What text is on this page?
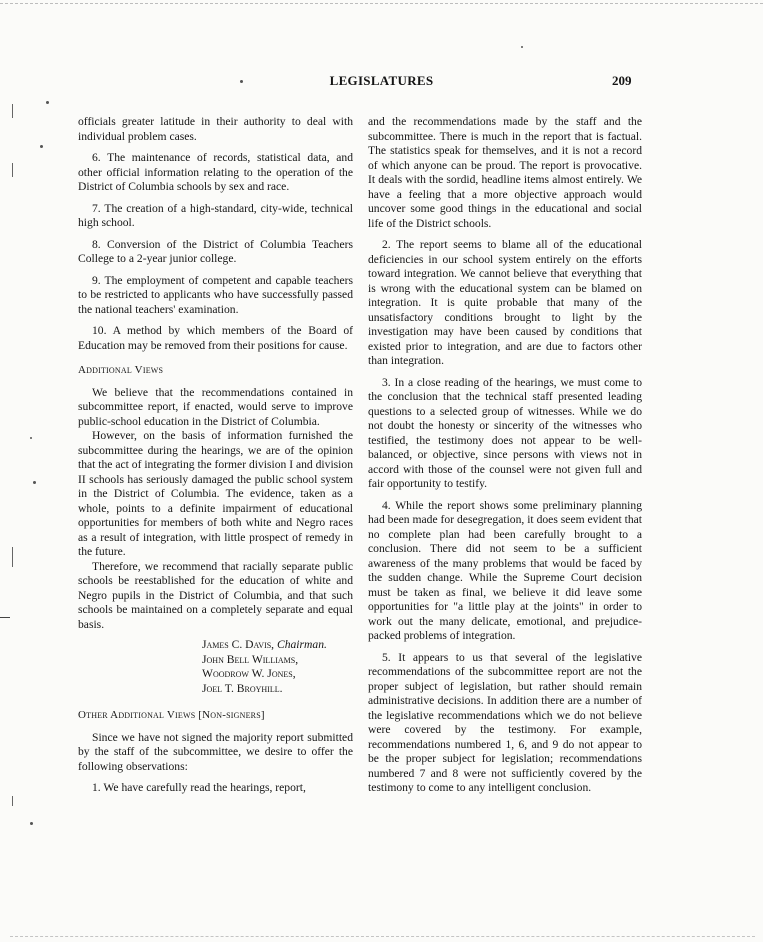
LEGISLATURES	209

officials greater latitude in their authority to deal with individual problem cases.

6. The maintenance of records, statistical data, and other official information relating to the operation of the District of Columbia schools by sex and race.

7. The creation of a high-standard, city-wide, technical high school.

8. Conversion of the District of Columbia Teachers College to a 2-year junior college.

9. The employment of competent and capable teachers to be restricted to applicants who have successfully passed the national teachers' examination.

10. A method by which members of the Board of Education may be removed from their positions for cause.

Additional Views

We believe that the recommendations contained in subcommittee report, if enacted, would serve to improve public-school education in the District of Columbia.

However, on the basis of information furnished the subcommittee during the hearings, we are of the opinion that the act of integrating the former division I and division II schools has seriously damaged the public school system in the District of Columbia. The evidence, taken as a whole, points to a definite impairment of educational opportunities for members of both white and Negro races as a result of integration, with little prospect of remedy in the future.

Therefore, we recommend that racially separate public schools be reestablished for the education of white and Negro pupils in the District of Columbia, and that such schools be maintained on a completely separate and equal basis.

James C. Davis, Chairman.
John Bell Williams,
Woodrow W. Jones,
Joel T. Broyhill.
Other Additional Views [Non-signers]

Since we have not signed the majority report submitted by the staff of the subcommittee, we desire to offer the following observations:

1. We have carefully read the hearings, report,

and the recommendations made by the staff and the subcommittee. There is much in the report that is factual. The statistics speak for themselves, and it is not a record of which anyone can be proud. The report is provocative. It deals with the sordid, headline items almost entirely. We have a feeling that a more objective approach would uncover some good things in the educational and social life of the District schools.

2. The report seems to blame all of the educational deficiencies in our school system entirely on the efforts toward integration. We cannot believe that everything that is wrong with the educational system can be blamed on integration. It is quite probable that many of the unsatisfactory conditions brought to light by the investigation may have been caused by conditions that existed prior to integration, and are due to factors other than integration.

3. In a close reading of the hearings, we must come to the conclusion that the technical staff presented leading questions to a selected group of witnesses. While we do not doubt the honesty or sincerity of the witnesses who testified, the testimony does not appear to be well-balanced, or objective, since persons with views not in accord with those of the counsel were not given full and fair opportunity to testify.

4. While the report shows some preliminary planning had been made for desegregation, it does seem evident that no complete plan had been carefully brought to a conclusion. There did not seem to be a sufficient awareness of the many problems that would be faced by the sudden change. While the Supreme Court decision must be taken as final, we believe it did leave some opportunities for "a little play at the joints" in order to work out the many delicate, emotional, and prejudice-packed problems of integration.

5. It appears to us that several of the legislative recommendations of the subcommittee report are not the proper subject of legislation, but rather should remain administrative decisions. In addition there are a number of the legislative recommendations which we do not believe were covered by the testimony. For example, recommendations numbered 1, 6, and 9 do not appear to be the proper subject for legislation; recommendations numbered 7 and 8 were not sufficiently covered by the testimony to come to any intelligent conclusion.
